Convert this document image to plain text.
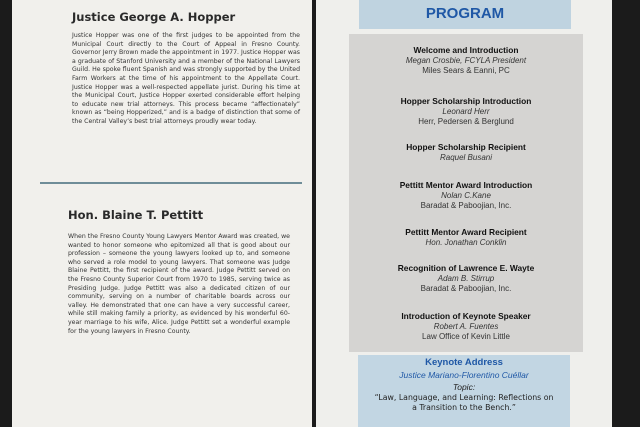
Justice George A. Hopper

Justice Hopper was one of the first judges to be appointed from the Municipal Court directly to the Court of Appeal in Fresno County. Governor Jerry Brown made the appointment in 1977. Justice Hopper was a graduate of Stanford University and a member of the National Lawyers Guild. He spoke fluent Spanish and was strongly supported by the United Farm Workers at the time of his appointment to the Appellate Court. Justice Hopper was a well-respected appellate jurist. During his time at the Municipal Court, Justice Hopper exerted considerable effort helping to educate new trial attorneys. This process became “affectionately” known as “being Hopperized,” and is a badge of distinction that some of the Central Valley’s best trial attorneys proudly wear today.

Hon. Blaine T. Pettitt

When the Fresno County Young Lawyers Mentor Award was created, we wanted to honor someone who epitomized all that is good about our profession – someone the young lawyers looked up to, and someone who served a role model to young lawyers. That someone was Judge Blaine Pettitt, the first recipient of the award. Judge Pettitt served on the Fresno County Superior Court from 1970 to 1985, serving twice as Presiding Judge. Judge Pettitt was also a dedicated citizen of our community, serving on a number of charitable boards across our valley. He demonstrated that one can have a very successful career, while still making family a priority, as evidenced by his wonderful 60-year marriage to his wife, Alice. Judge Pettitt set a wonderful example for the young lawyers in Fresno County.

PROGRAM
Welcome and Introduction
Megan Crosbie, FCYLA President
Miles Sears & Eanni, PC
Hopper Scholarship Introduction
Leonard Herr
Herr, Pedersen & Berglund
Hopper Scholarship Recipient
Raquel Busani
Pettitt Mentor Award Introduction
Nolan C.Kane
Baradat & Paboojian, Inc.
Pettitt Mentor Award Recipient
Hon. Jonathan Conklin
Recognition of Lawrence E. Wayte
Adam B. Stirrup
Baradat & Paboojian, Inc.
Introduction of Keynote Speaker
Robert A. Fuentes
Law Office of Kevin Little
Keynote Address
Justice Mariano-Florentino Cuéllar
Topic:
“Law, Language, and Learning: Reflections on a Transition to the Bench.”
